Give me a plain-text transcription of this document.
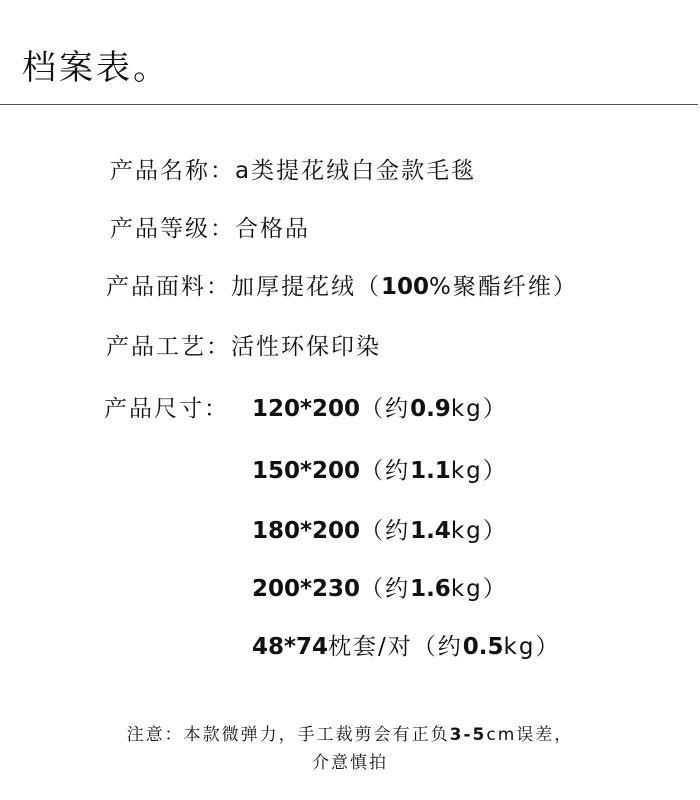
档案表。
产品名称：a类提花绒白金款毛毯
产品等级：合格品
产品面料：加厚提花绒（100%聚酯纤维）
产品工艺：活性环保印染
产品尺寸： 120*200（约0.9kg）
150*200（约1.1kg）
180*200（约1.4kg）
200*230（约1.6kg）
48*74枕套/对（约0.5kg）
注意：本款微弹力，手工裁剪会有正负3-5cm误差，
介意慎拍
